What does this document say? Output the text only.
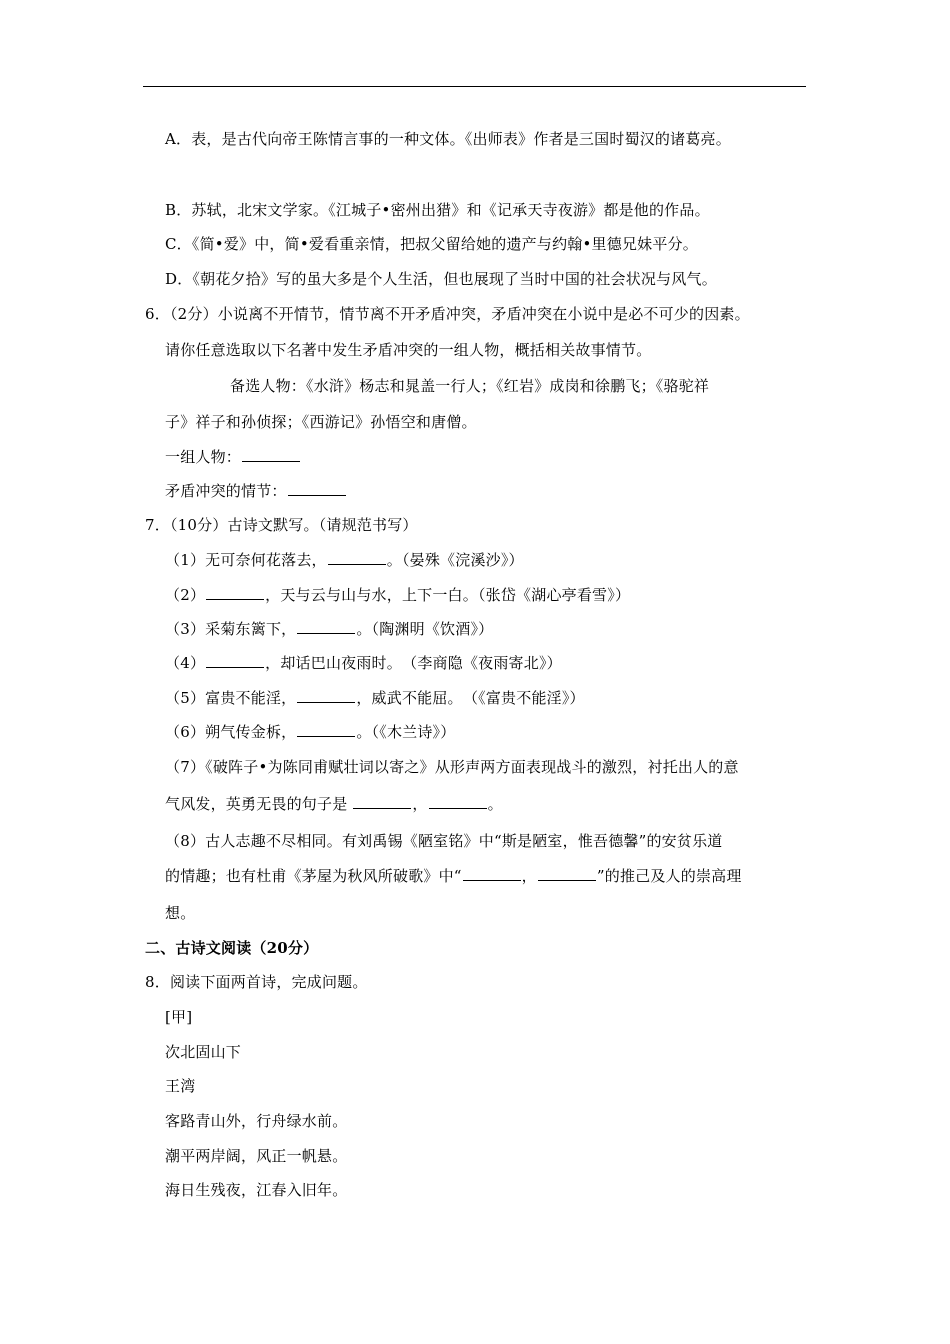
A．表，是古代向帝王陈情言事的一种文体。《出师表》作者是三国时蜀汉的诸葛亮。
B．苏轼，北宋文学家。《江城子•密州出猎》和《记承天寺夜游》都是他的作品。
C．《简•爱》中，简•爱看重亲情，把叔父留给她的遗产与约翰•里德兄妹平分。
D．《朝花夕拾》写的虽大多是个人生活，但也展现了当时中国的社会状况与风气。
6．（2分）小说离不开情节，情节离不开矛盾冲突，矛盾冲突在小说中是必不可少的因素。
请你任意选取以下名著中发生矛盾冲突的一组人物，概括相关故事情节。
备选人物：《水浒》杨志和晁盖一行人；《红岩》成岗和徐鹏飞；《骆驼祥
子》祥子和孙侦探；《西游记》孙悟空和唐僧。
一组人物：
矛盾冲突的情节：
7．（10分）古诗文默写。（请规范书写）
（1）无可奈何花落去，	。（晏殊《浣溪沙》）
（2）	，天与云与山与水，上下一白。（张岱《湖心亭看雪》）
（3）采菊东篱下，	。（陶渊明《饮酒》）
（4）	，却话巴山夜雨时。　（李商隐《夜雨寄北》）
（5）富贵不能淫，	，威武不能屈。　（《富贵不能淫》）
（6）朔气传金柝，	。（《木兰诗》）
（7）《破阵子•为陈同甫赋壮词以寄之》从形声两方面表现战斗的激烈，衬托出人的意
气风发，英勇无畏的句子是	，	。
（8）古人志趣不尽相同。有刘禹锡《陋室铭》中“斯是陋室，惟吾德馨”的安贫乐道
的情趣；也有杜甫《茅屋为秋风所破歌》中“	，	”的推己及人的崇高理
想。
二、古诗文阅读（20分）
8．阅读下面两首诗，完成问题。
[甲]
次北固山下
王湾
客路青山外，行舟绿水前。
潮平两岸阔，风正一帆悬。
海日生残夜，江春入旧年。
